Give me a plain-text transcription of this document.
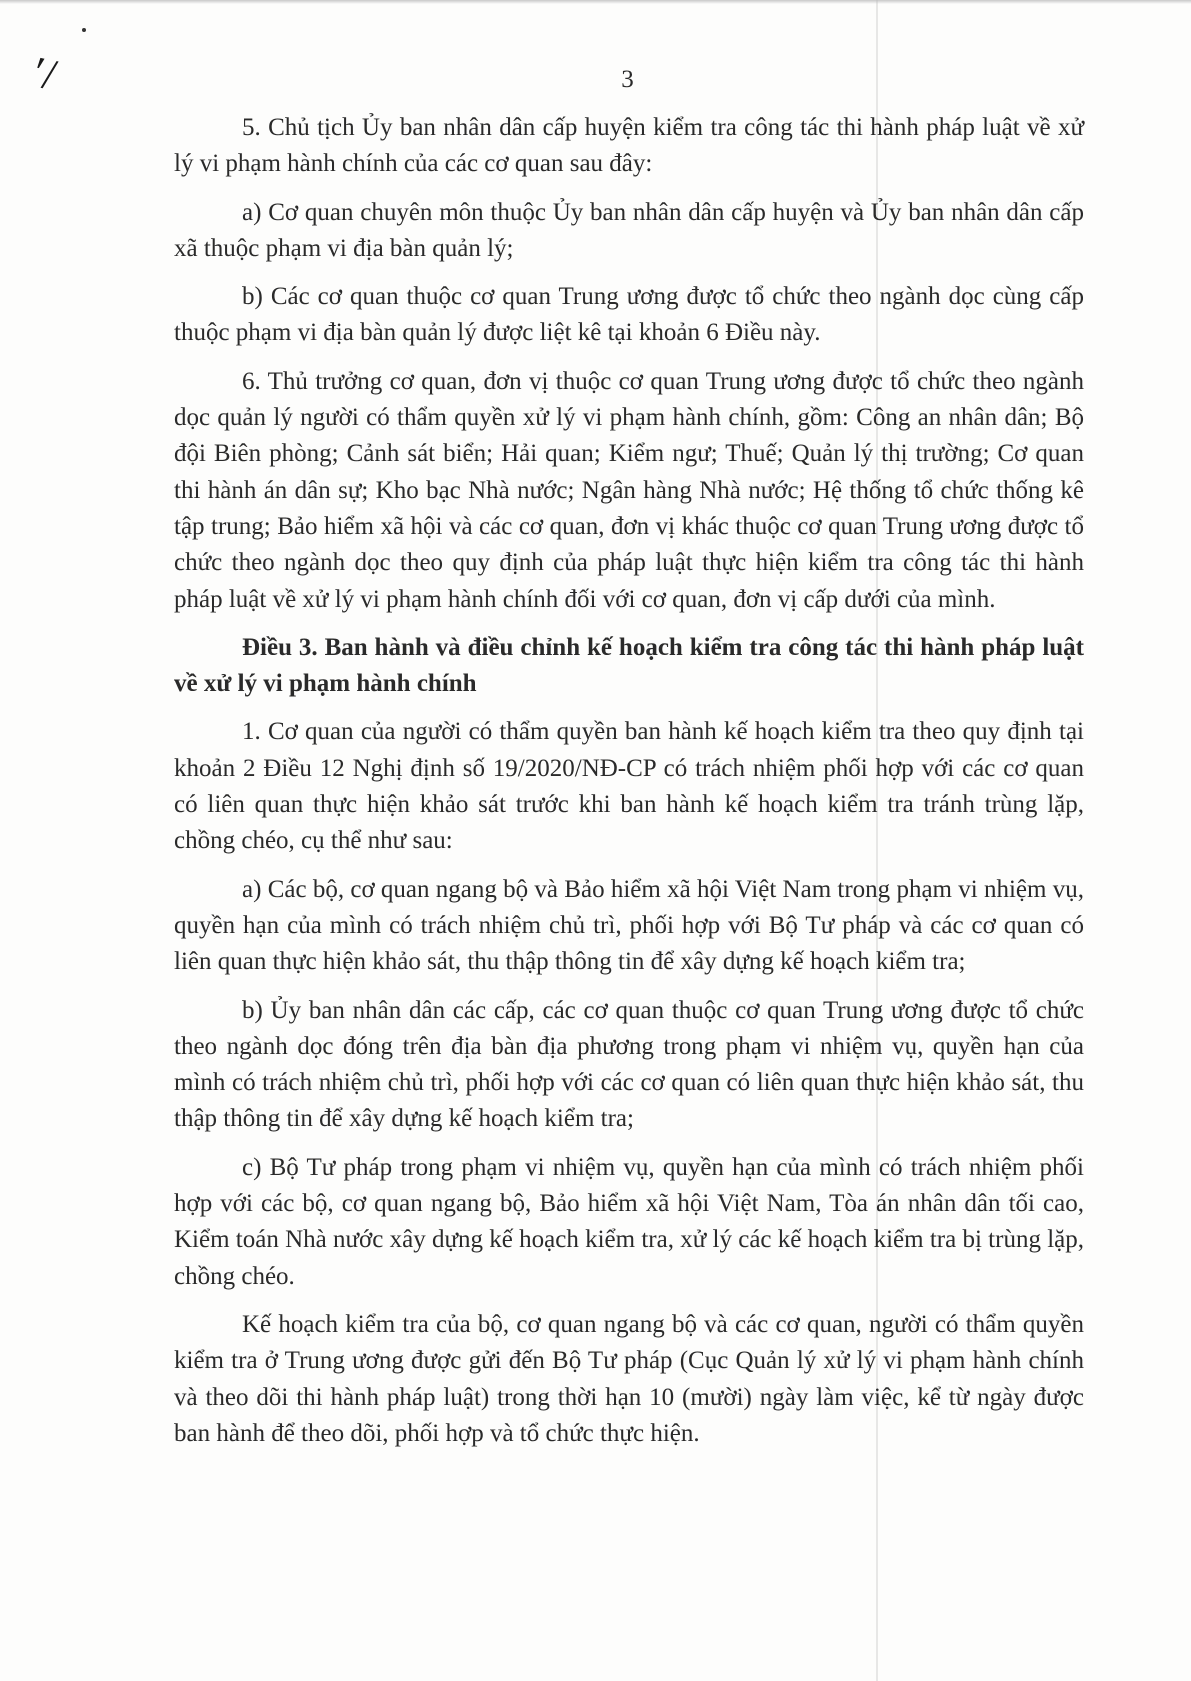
ʹ/	3

5. Chủ tịch Ủy ban nhân dân cấp huyện kiểm tra công tác thi hành pháp luật về xử lý vi phạm hành chính của các cơ quan sau đây:

a) Cơ quan chuyên môn thuộc Ủy ban nhân dân cấp huyện và Ủy ban nhân dân cấp xã thuộc phạm vi địa bàn quản lý;

b) Các cơ quan thuộc cơ quan Trung ương được tổ chức theo ngành dọc cùng cấp thuộc phạm vi địa bàn quản lý được liệt kê tại khoản 6 Điều này.

6. Thủ trưởng cơ quan, đơn vị thuộc cơ quan Trung ương được tổ chức theo ngành dọc quản lý người có thẩm quyền xử lý vi phạm hành chính, gồm: Công an nhân dân; Bộ đội Biên phòng; Cảnh sát biển; Hải quan; Kiểm ngư; Thuế; Quản lý thị trường; Cơ quan thi hành án dân sự; Kho bạc Nhà nước; Ngân hàng Nhà nước; Hệ thống tổ chức thống kê tập trung; Bảo hiểm xã hội và các cơ quan, đơn vị khác thuộc cơ quan Trung ương được tổ chức theo ngành dọc theo quy định của pháp luật thực hiện kiểm tra công tác thi hành pháp luật về xử lý vi phạm hành chính đối với cơ quan, đơn vị cấp dưới của mình.

Điều 3. Ban hành và điều chỉnh kế hoạch kiểm tra công tác thi hành pháp luật về xử lý vi phạm hành chính

1. Cơ quan của người có thẩm quyền ban hành kế hoạch kiểm tra theo quy định tại khoản 2 Điều 12 Nghị định số 19/2020/NĐ-CP có trách nhiệm phối hợp với các cơ quan có liên quan thực hiện khảo sát trước khi ban hành kế hoạch kiểm tra tránh trùng lặp, chồng chéo, cụ thể như sau:

a) Các bộ, cơ quan ngang bộ và Bảo hiểm xã hội Việt Nam trong phạm vi nhiệm vụ, quyền hạn của mình có trách nhiệm chủ trì, phối hợp với Bộ Tư pháp và các cơ quan có liên quan thực hiện khảo sát, thu thập thông tin để xây dựng kế hoạch kiểm tra;

b) Ủy ban nhân dân các cấp, các cơ quan thuộc cơ quan Trung ương được tổ chức theo ngành dọc đóng trên địa bàn địa phương trong phạm vi nhiệm vụ, quyền hạn của mình có trách nhiệm chủ trì, phối hợp với các cơ quan có liên quan thực hiện khảo sát, thu thập thông tin để xây dựng kế hoạch kiểm tra;

c) Bộ Tư pháp trong phạm vi nhiệm vụ, quyền hạn của mình có trách nhiệm phối hợp với các bộ, cơ quan ngang bộ, Bảo hiểm xã hội Việt Nam, Tòa án nhân dân tối cao, Kiểm toán Nhà nước xây dựng kế hoạch kiểm tra, xử lý các kế hoạch kiểm tra bị trùng lặp, chồng chéo.

Kế hoạch kiểm tra của bộ, cơ quan ngang bộ và các cơ quan, người có thẩm quyền kiểm tra ở Trung ương được gửi đến Bộ Tư pháp (Cục Quản lý xử lý vi phạm hành chính và theo dõi thi hành pháp luật) trong thời hạn 10 (mười) ngày làm việc, kể từ ngày được ban hành để theo dõi, phối hợp và tổ chức thực hiện.
